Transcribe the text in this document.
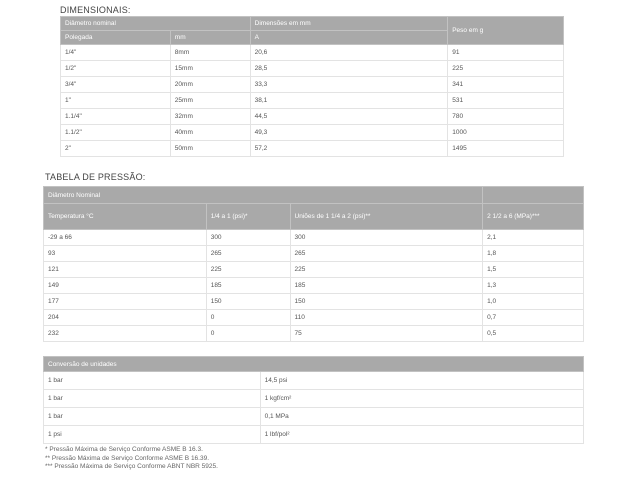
DIMENSIONAIS:
Diâmetro nominal		Dimensões em mm	Peso em g
Polegada	mm	A	
1/4"	8mm	20,6	91
1/2"	15mm	28,5	225
3/4"	20mm	33,3	341
1"	25mm	38,1	531
1.1/4"	32mm	44,5	780
1.1/2"	40mm	49,3	1000
2"	50mm	57,2	1495
TABELA DE PRESSÃO:
Diâmetro Nominal			
Temperatura °C	1/4 a 1 (psi)*	Uniões de 1 1/4 a 2 (psi)**	2 1/2 a 6 (MPa)***
-29 a 66	300	300	2,1
93	265	265	1,8
121	225	225	1,5
149	185	185	1,3
177	150	150	1,0
204	0	110	0,7
232	0	75	0,5
Conversão de unidades	
1 bar	14,5 psi
1 bar	1 kgf/cm²
1 bar	0,1 MPa
1 psi	1 lbf/pol²
* Pressão Máxima de Serviço Conforme ASME B 16.3.
** Pressão Máxima de Serviço Conforme ASME B 16.39.
*** Pressão Máxima de Serviço Conforme ABNT NBR 5925.
